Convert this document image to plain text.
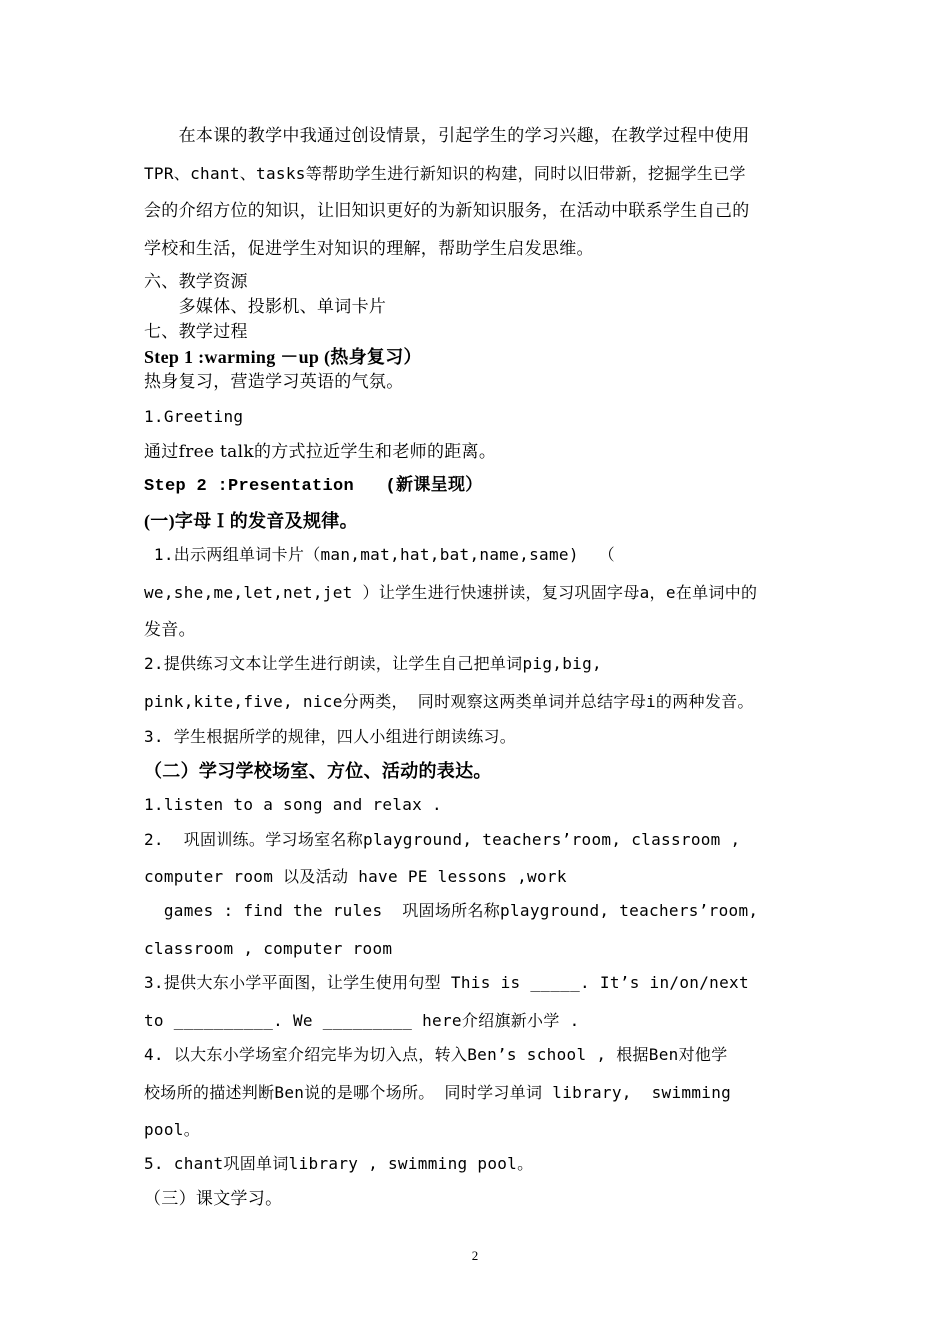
　　在本课的教学中我通过创设情景，引起学生的学习兴趣，在教学过程中使用
TPR、chant、tasks等帮助学生进行新知识的构建，同时以旧带新，挖掘学生已学
会的介绍方位的知识，让旧知识更好的为新知识服务，在活动中联系学生自己的
学校和生活，促进学生对知识的理解，帮助学生启发思维。
六、教学资源
　　多媒体、投影机、单词卡片
七、教学过程
Step 1 :warming －up (热身复习）
热身复习，营造学习英语的气氛。
1.Greeting
通过free talk的方式拉近学生和老师的距离。
Step 2 :Presentation   (新课呈现）
(一)字母Ｉ的发音及规律。
1.出示两组单词卡片（man,mat,hat,bat,name,same)  （
we,she,me,let,net,jet ）让学生进行快速拼读，复习巩固字母a，e在单词中的
发音。
2.提供练习文本让学生进行朗读，让学生自己把单词pig,big,
pink,kite,five, nice分两类， 同时观察这两类单词并总结字母i的两种发音。
3. 学生根据所学的规律，四人小组进行朗读练习。
（二）学习学校场室、方位、活动的表达。
1.listen to a song and relax .
2.  巩固训练。学习场室名称playground, teachers’room, classroom ,
computer room 以及活动 have PE lessons ,work
games : find the rules  巩固场所名称playground, teachers’room,
classroom , computer room
3.提供大东小学平面图，让学生使用句型 This is _____. It’s in/on/next
to __________. We _________ here介绍旗新小学 .
4. 以大东小学场室介绍完毕为切入点，转入Ben’s school , 根据Ben对他学
校场所的描述判断Ben说的是哪个场所。 同时学习单词 library,  swimming
pool。
5. chant巩固单词library , swimming pool。
（三）课文学习。
2
